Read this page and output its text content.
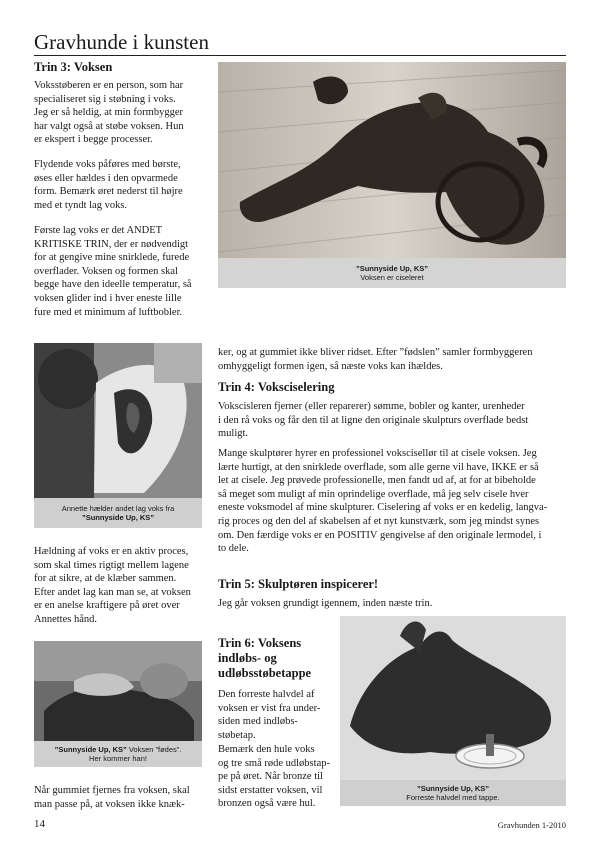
Gravhunde i kunsten
Trin 3: Voksen
Voksstøberen er en person, som har
specialiseret sig i støbning i voks.
Jeg er så heldig, at min formbygger
har valgt også at støbe voksen. Hun
er ekspert i begge processer.
Flydende voks påføres med børste,
øses eller hældes i den opvarmede
form. Bemærk øret nederst til højre
med et tyndt lag voks.
Første lag voks er det ANDET
KRITISKE TRIN, der er nødvendigt
for at gengive mine snirklede, furede
overflader. Voksen og formen skal
begge have den ideelle temperatur, så
voksen glider ind i hver eneste lille
fure med et minimum af luftbobler.
”Sunnyside Up, KS”
Voksen er ciseleret
ker, og at gummiet ikke bliver ridset. Efter ”fødslen” samler formbyggeren
omhyggeligt formen igen, så næste voks kan ihældes.
Annette hælder andet lag voks fra
”Sunnyside Up, KS”
Trin 4: Voksciselering
Vokscisleren fjerner (eller reparerer) sømme, bobler og kanter, urenheder
i den rå voks og får den til at ligne den originale skulpturs overflade bedst
muligt.
Mange skulptører hyrer en professionel vokscisellør til at cisele voksen. Jeg
lærte hurtigt, at den snirklede overflade, som alle gerne vil have, IKKE er så
let at cisele. Jeg prøvede professionelle, men fandt ud af, at for at bibeholde
så meget som muligt af min oprindelige overflade, må jeg selv cisele hver
eneste voksmodel af mine skulpturer. Ciselering af voks er en kedelig, langva-
rig proces og den del af skabelsen af et nyt kunstværk, som jeg mindst synes
om. Den færdige voks er en POSITIV gengivelse af den originale lermodel, i
to dele.
Hældning af voks er en aktiv proces,
som skal times rigtigt mellem lagene
for at sikre, at de klæber sammen.
Efter andet lag kan man se, at voksen
er en anelse kraftigere på øret over
Annettes hånd.
Trin 5: Skulptøren inspicerer!
Jeg går voksen grundigt igennem, inden næste trin.
”Sunnyside Up, KS” Voksen ”fødes”.
Her kommer han!
Trin 6: Voksens
indløbs- og
udløbsstøbetappe
Den forreste halvdel af
voksen er vist fra under-
siden med indløbs-
støbetap.
Bemærk den hule voks
og tre små røde udløbstap-
pe på øret. Når bronze til
sidst erstatter voksen, vil
bronzen også være hul.
”Sunnyside Up, KS”
Forreste halvdel med tappe.
Når gummiet fjernes fra voksen, skal
man passe på, at voksen ikke knæk-
14	Gravhunden 1-2010
